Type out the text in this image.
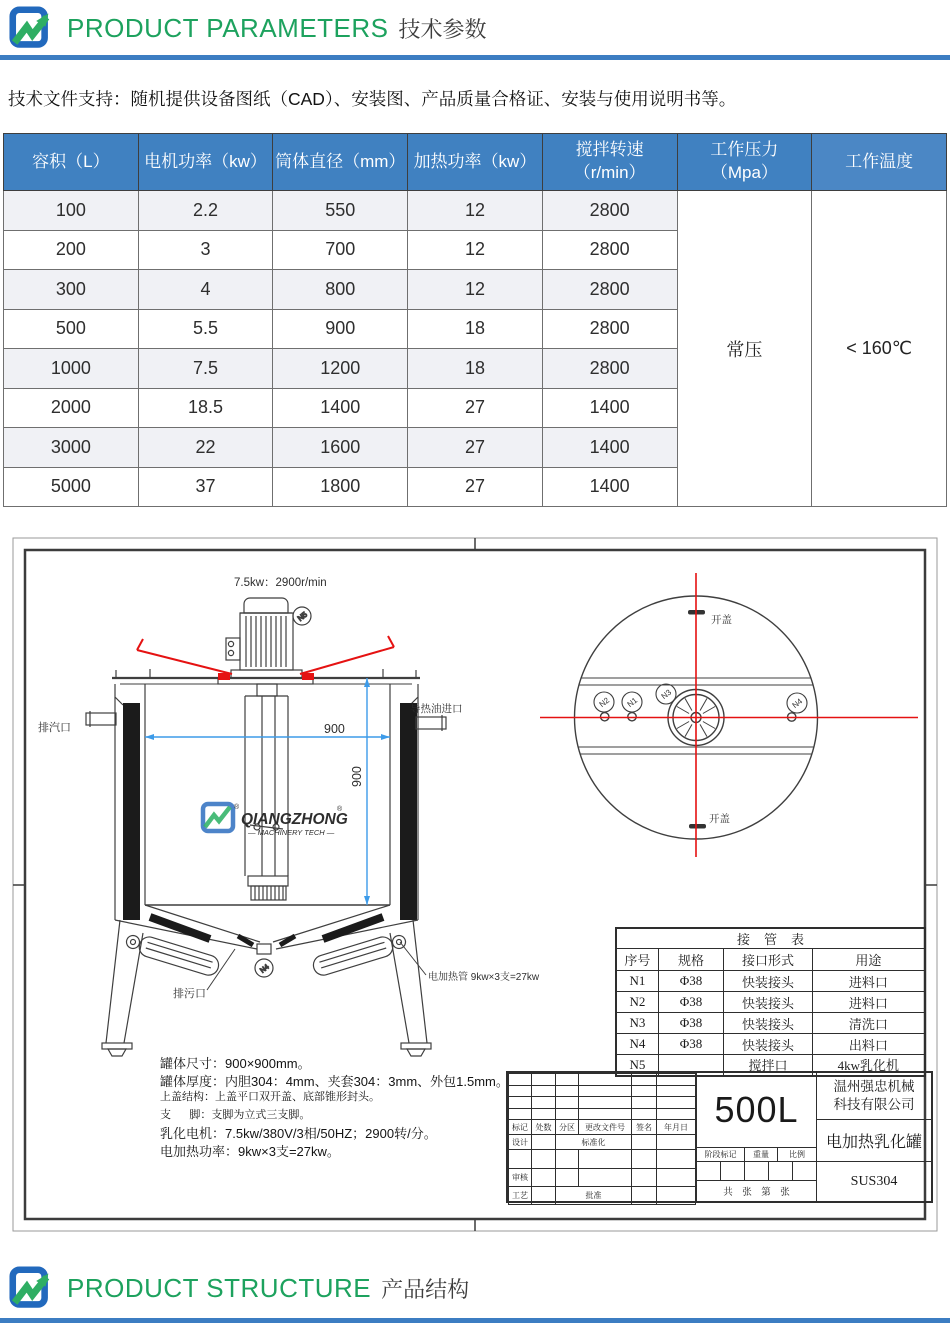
PRODUCT PARAMETERS 技术参数
技术文件支持：随机提供设备图纸（CAD）、安装图、产品质量合格证、安装与使用说明书等。
容积（L）	电机功率（kw）	筒体直径（mm）	加热功率（kw）	搅拌转速（r/min）	工作压力（Mpa）	工作温度
100	2.2	550	12	2800	常压	< 160℃
200	3	700	12	2800		
300	4	800	12	2800		
500	5.5	900	18	2800		
1000	7.5	1200	18	2800		
2000	18.5	1400	27	1400		
3000	22	1600	27	1400		
5000	37	1800	27	1400		
N5
N4
900
900
7.5kw：2900r/min
排汽口
导热油进口
排污口
电加热管 9kw×3支=27kw
®
QIANGZHONG
®
— MACHINERY TECH —
N2 N1
N3
N4
开盖
开盖
罐体尺寸：900×900mm。
罐体厚度：内胆304：4mm、夹套304：3mm、外包1.5mm。
上盖结构：上盖平口双开盖、底部锥形封头。
支      脚：支脚为立式三支脚。
乳化电机：7.5kw/380V/3相/50HZ；2900转/分。
电加热功率：9kw×3支=27kw。
接管表			
序号	规格	接口形式	用途
N1	Φ38	快装接头	进料口
N2	Φ38	快装接头	进料口
N3	Φ38	快装接头	清洗口
N4	Φ38	快装接头	出料口
N5		搅拌口	4kw乳化机

标记	处数	分区	更改文件号	签名	年月日
设计		标准化			

审核					
工艺		批准			
500L
阶段标记	重量	比例
共　张　第　张
温州强忠机械
科技有限公司
电加热乳化罐
SUS304
PRODUCT STRUCTURE 产品结构
